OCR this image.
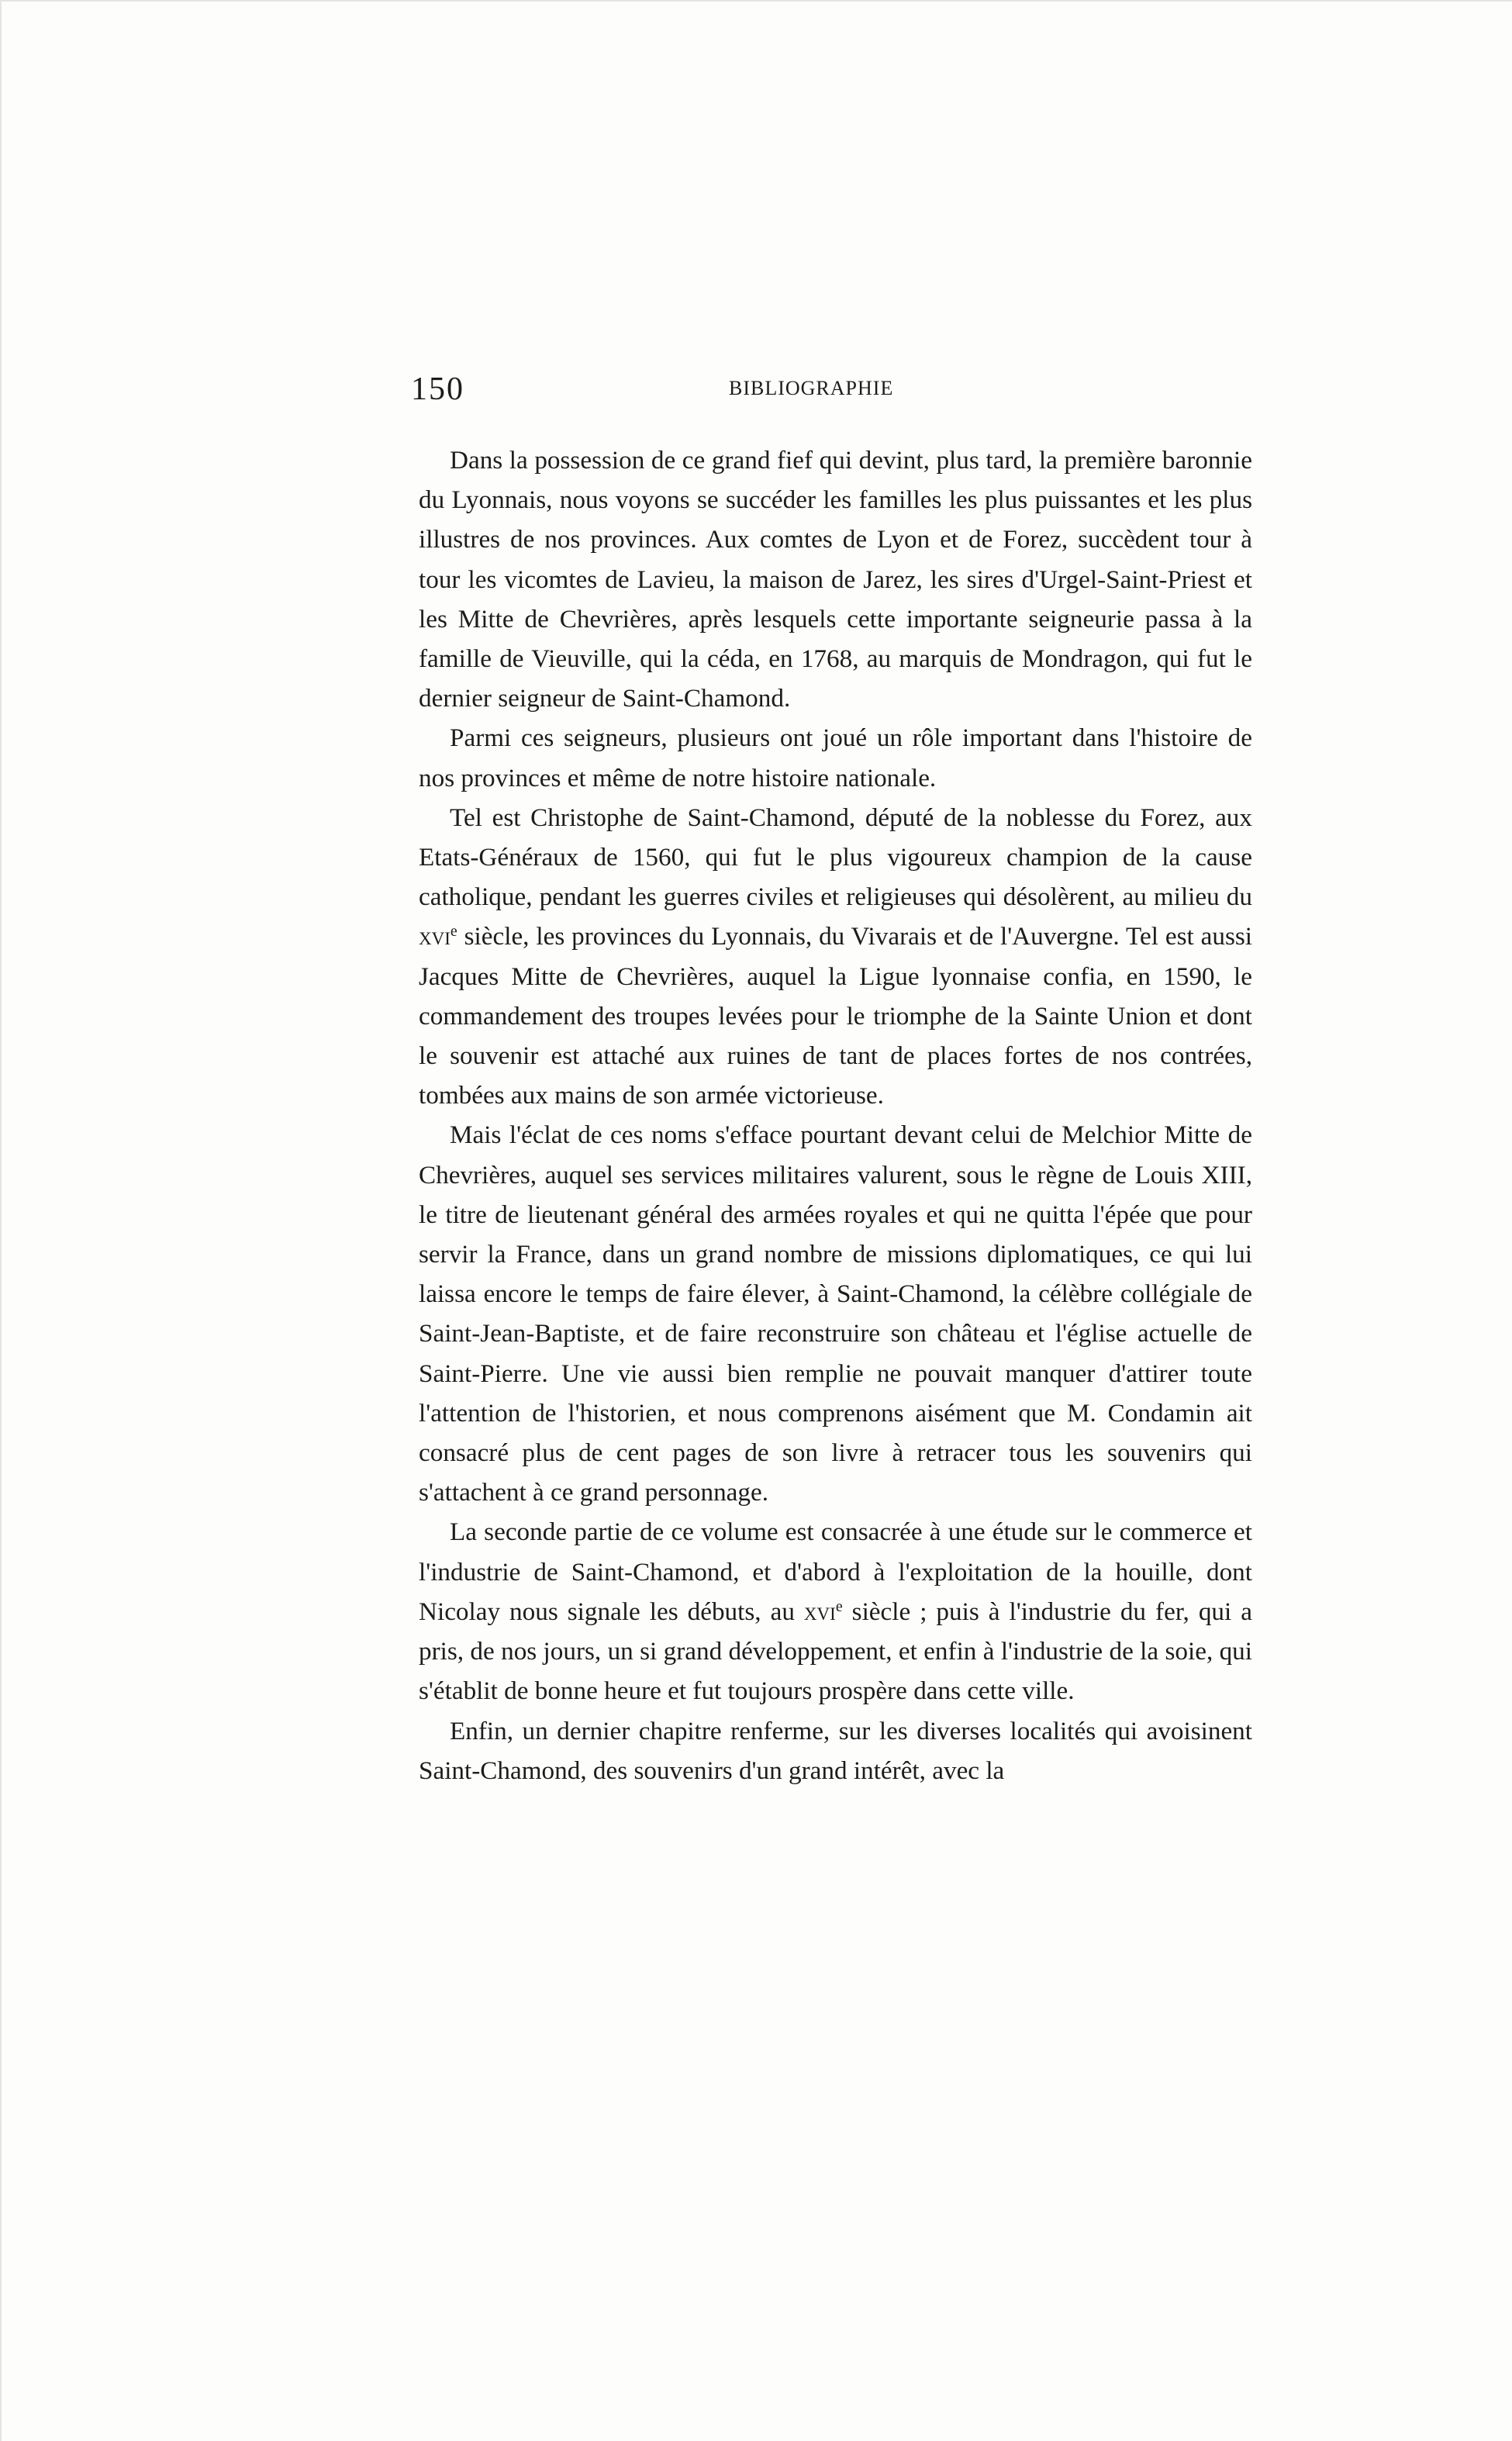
150	BIBLIOGRAPHIE

Dans la possession de ce grand fief qui devint, plus tard, la première baronnie du Lyonnais, nous voyons se succéder les familles les plus puissantes et les plus illustres de nos provinces. Aux comtes de Lyon et de Forez, succèdent tour à tour les vicomtes de Lavieu, la maison de Jarez, les sires d'Urgel-Saint-Priest et les Mitte de Chevrières, après lesquels cette importante seigneurie passa à la famille de Vieuville, qui la céda, en 1768, au marquis de Mondragon, qui fut le dernier seigneur de Saint-Chamond.

Parmi ces seigneurs, plusieurs ont joué un rôle important dans l'histoire de nos provinces et même de notre histoire nationale.

Tel est Christophe de Saint-Chamond, député de la noblesse du Forez, aux Etats-Généraux de 1560, qui fut le plus vigoureux champion de la cause catholique, pendant les guerres civiles et religieuses qui désolèrent, au milieu du xvi$^e$ siècle, les provinces du Lyonnais, du Vivarais et de l'Auvergne. Tel est aussi Jacques Mitte de Chevrières, auquel la Ligue lyonnaise confia, en 1590, le commandement des troupes levées pour le triomphe de la Sainte Union et dont le souvenir est attaché aux ruines de tant de places fortes de nos contrées, tombées aux mains de son armée victorieuse.

Mais l'éclat de ces noms s'efface pourtant devant celui de Melchior Mitte de Chevrières, auquel ses services militaires valurent, sous le règne de Louis XIII, le titre de lieutenant général des armées royales et qui ne quitta l'épée que pour servir la France, dans un grand nombre de missions diplomatiques, ce qui lui laissa encore le temps de faire élever, à Saint-Chamond, la célèbre collégiale de Saint-Jean-Baptiste, et de faire reconstruire son château et l'église actuelle de Saint-Pierre. Une vie aussi bien remplie ne pouvait manquer d'attirer toute l'attention de l'historien, et nous comprenons aisément que M. Condamin ait consacré plus de cent pages de son livre à retracer tous les souvenirs qui s'attachent à ce grand personnage.

La seconde partie de ce volume est consacrée à une étude sur le commerce et l'industrie de Saint-Chamond, et d'abord à l'exploitation de la houille, dont Nicolay nous signale les débuts, au xvi$^e$ siècle ; puis à l'industrie du fer, qui a pris, de nos jours, un si grand développement, et enfin à l'industrie de la soie, qui s'établit de bonne heure et fut toujours prospère dans cette ville.

Enfin, un dernier chapitre renferme, sur les diverses localités qui avoisinent Saint-Chamond, des souvenirs d'un grand intérêt, avec la
